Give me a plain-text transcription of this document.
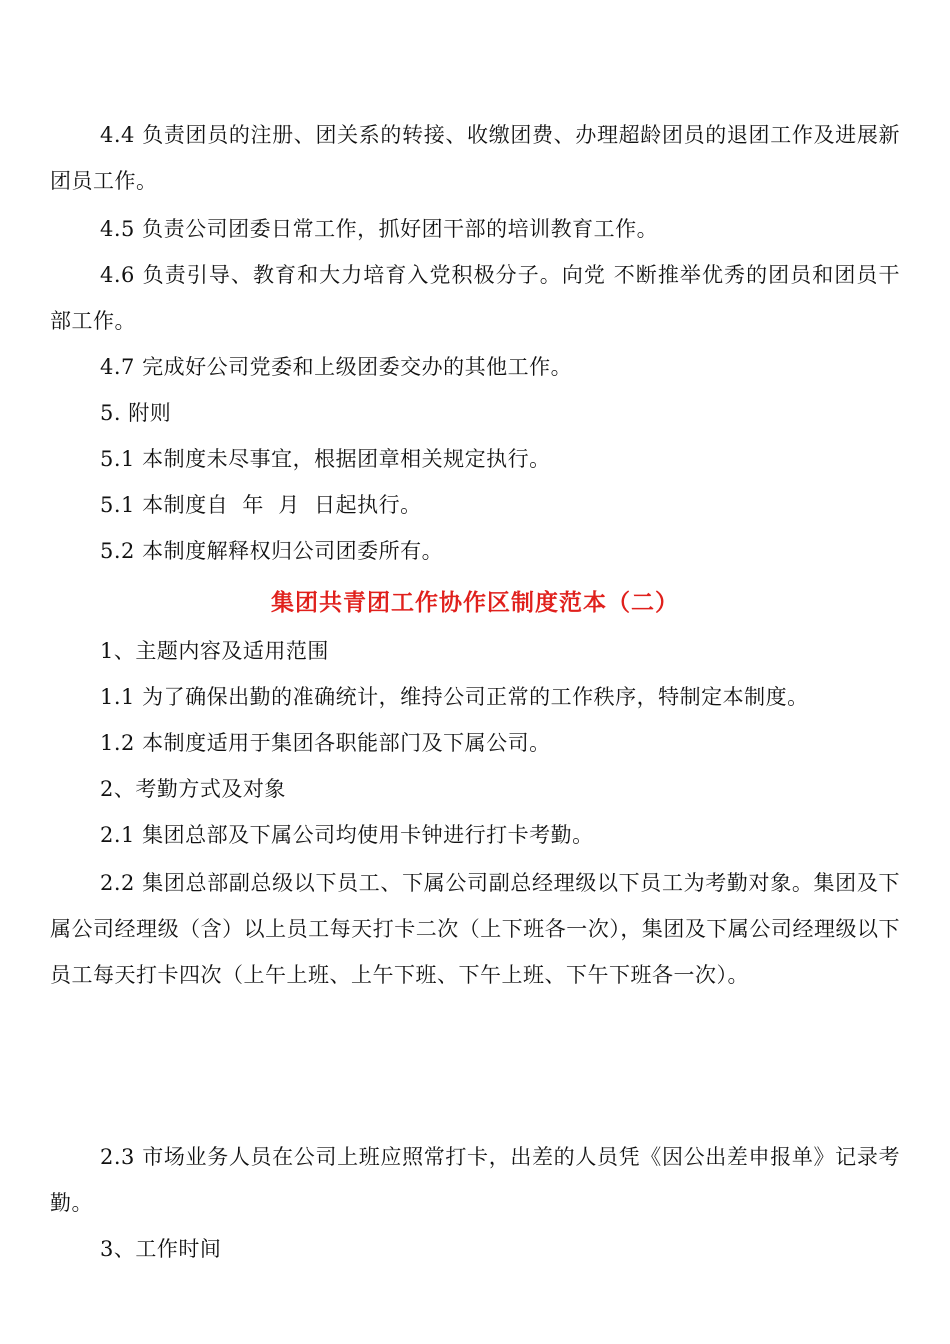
4.4 负责团员的注册、团关系的转接、收缴团费、办理超龄团员的退团工作及进展新团员工作。

4.5 负责公司团委日常工作，抓好团干部的培训教育工作。

4.6 负责引导、教育和大力培育入党积极分子。向党 不断推举优秀的团员和团员干部工作。

4.7 完成好公司党委和上级团委交办的其他工作。

5. 附则

5.1 本制度未尽事宜，根据团章相关规定执行。

5.1 本制度自  年  月  日起执行。

5.2 本制度解释权归公司团委所有。

集团共青团工作协作区制度范本（二）

1、主题内容及适用范围

1.1 为了确保出勤的准确统计，维持公司正常的工作秩序，特制定本制度。

1.2 本制度适用于集团各职能部门及下属公司。

2、考勤方式及对象

2.1 集团总部及下属公司均使用卡钟进行打卡考勤。

2.2 集团总部副总级以下员工、下属公司副总经理级以下员工为考勤对象。集团及下属公司经理级（含）以上员工每天打卡二次（上下班各一次），集团及下属公司经理级以下员工每天打卡四次（上午上班、上午下班、下午上班、下午下班各一次）。

2.3 市场业务人员在公司上班应照常打卡，出差的人员凭《因公出差申报单》记录考勤。

3、工作时间
